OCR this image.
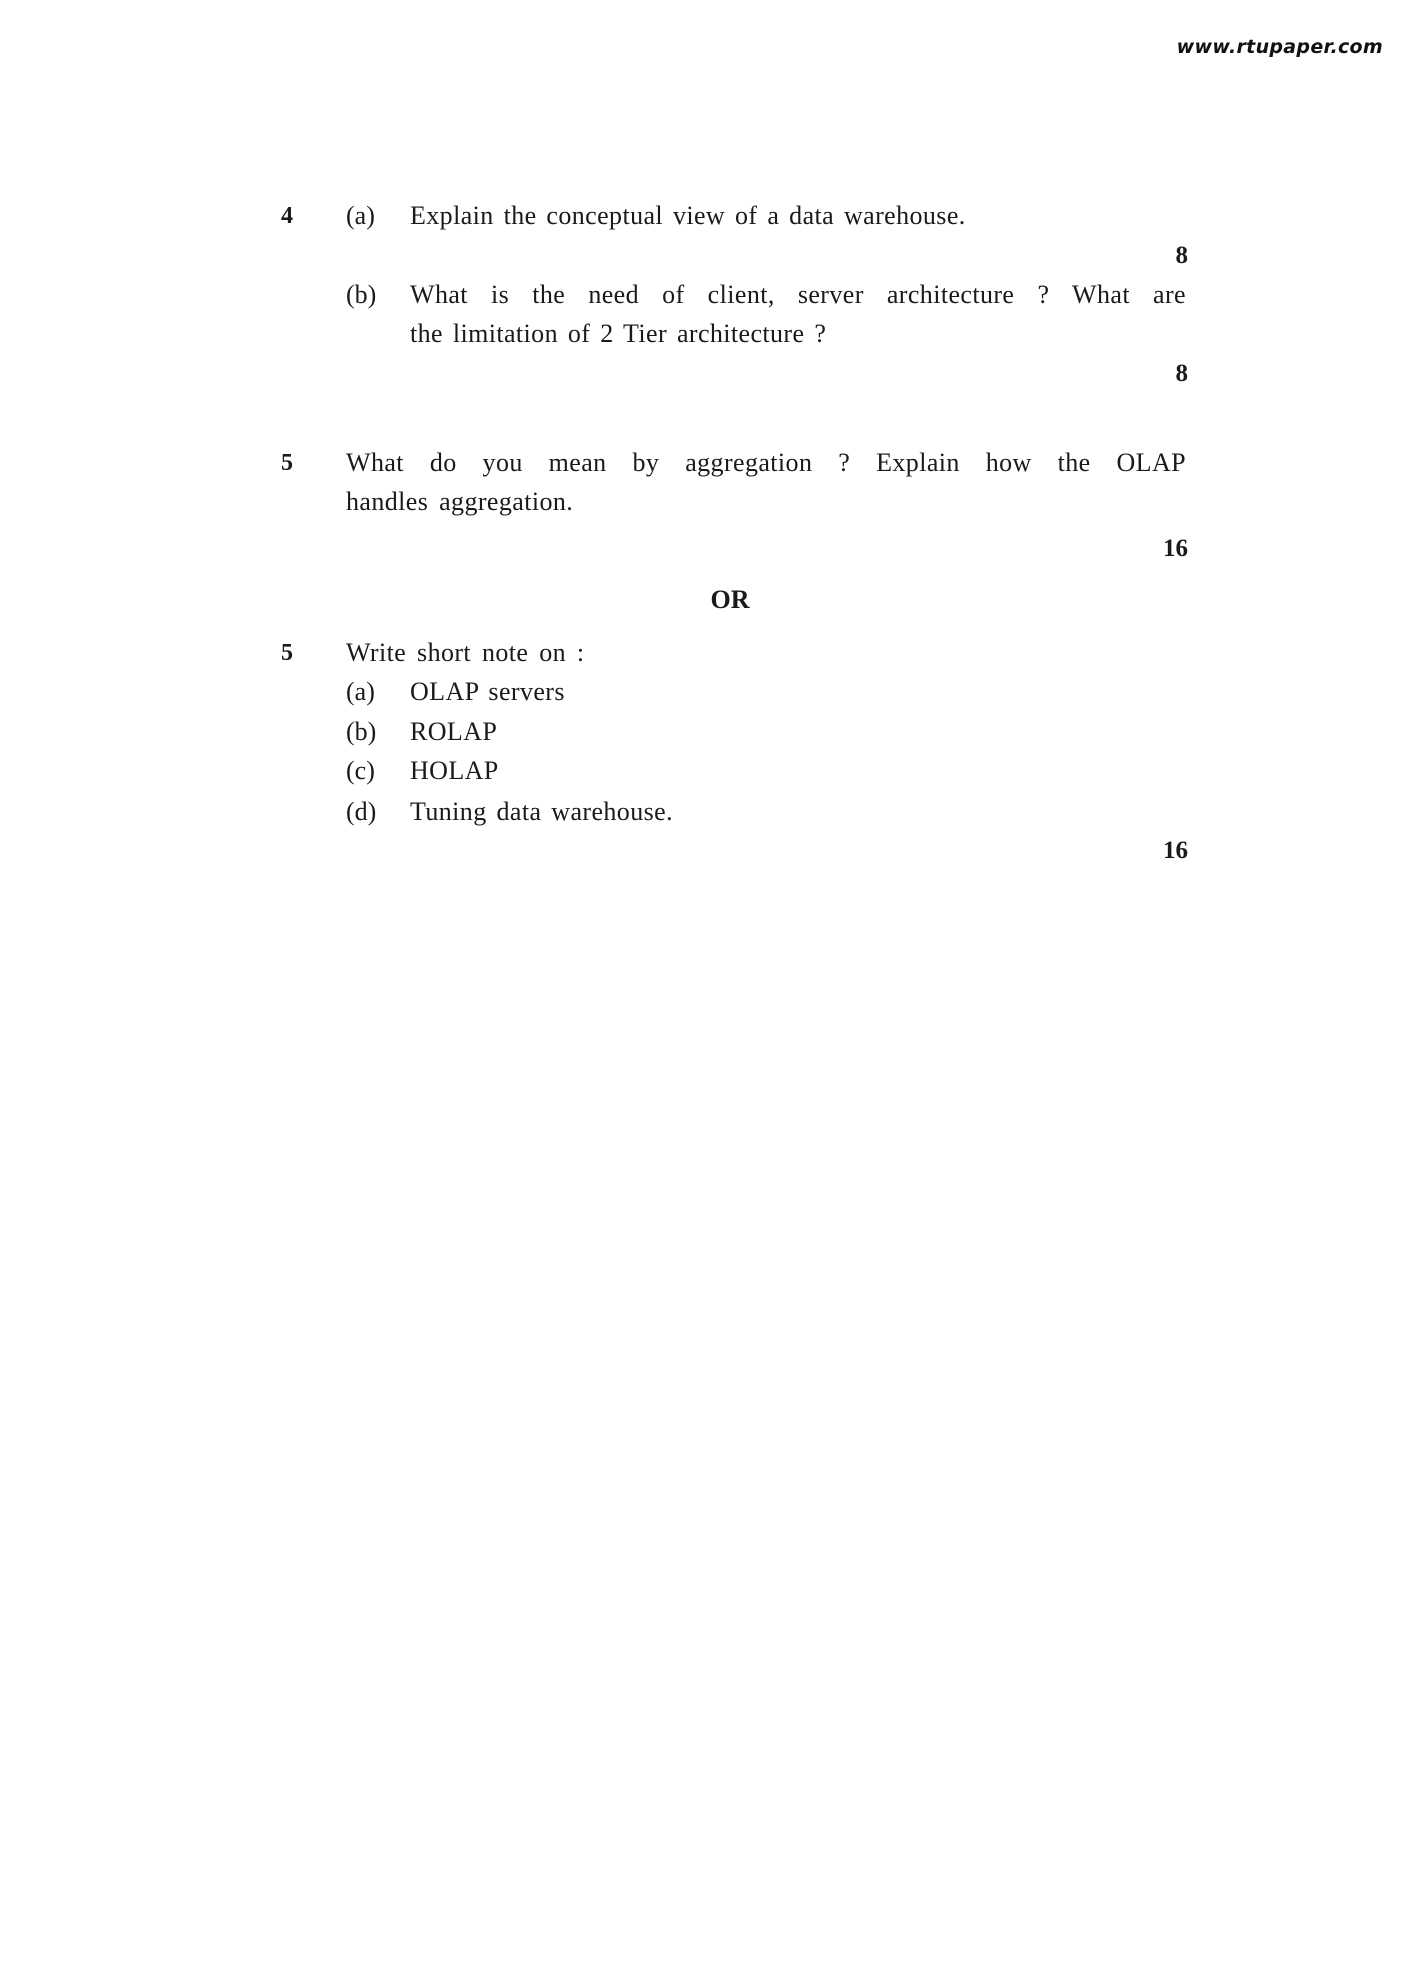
www.rtupaper.com
4 (a) Explain the conceptual view of a data warehouse.
8
(b) What is the need of client, server architecture ? What are
the limitation of 2 Tier architecture ?
8
5 What do you mean by aggregation ? Explain how the OLAP
handles aggregation.
16
OR
5 Write short note on :
(a) OLAP servers
(b) ROLAP
(c) HOLAP
(d) Tuning data warehouse.
16
